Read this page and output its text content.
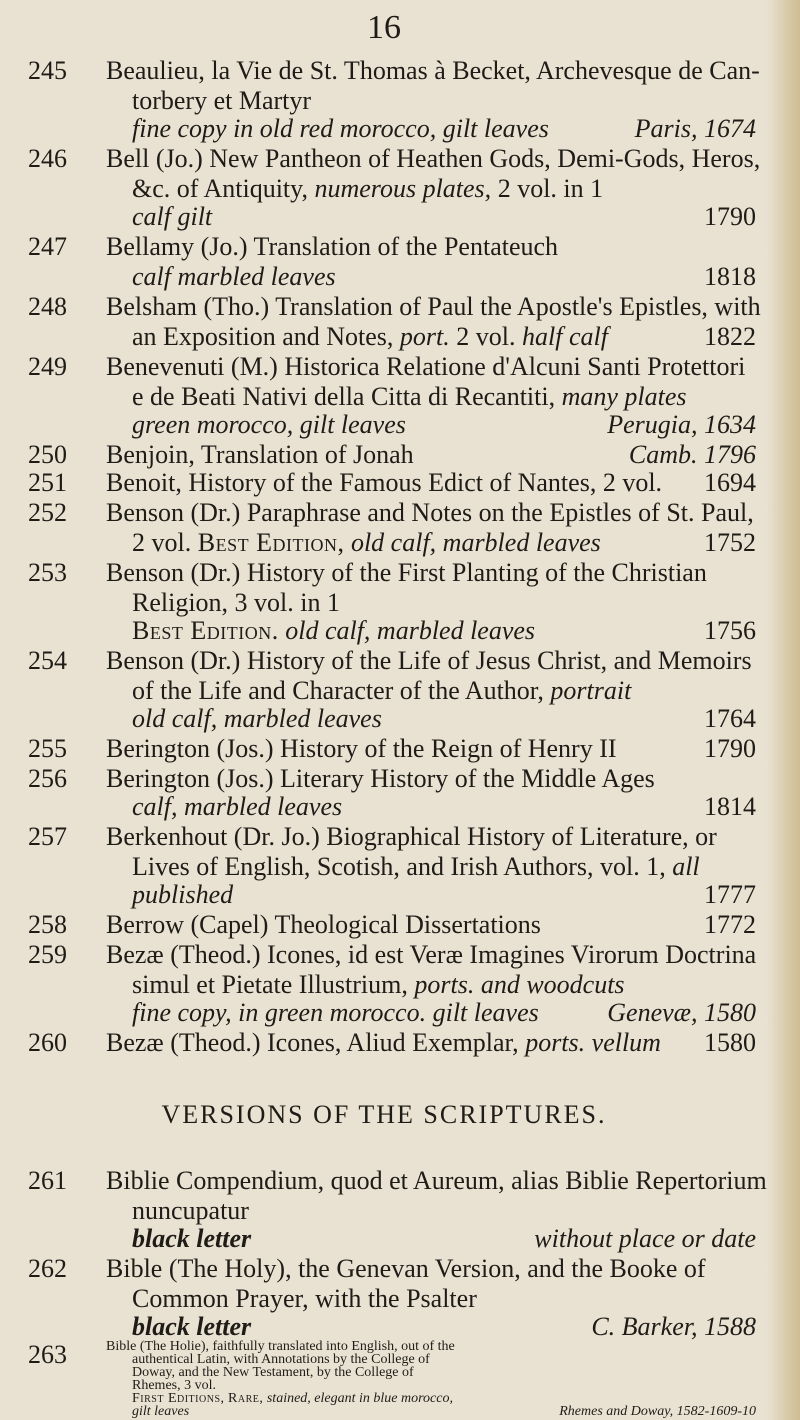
16
245 Beaulieu, la Vie de St. Thomas à Becket, Archevesque de Can-
torbery et Martyr
fine copy in old red morocco, gilt leaves	Paris, 1674
246 Bell (Jo.) New Pantheon of Heathen Gods, Demi-Gods, Heros,
&c. of Antiquity, numerous plates, 2 vol. in 1
calf gilt	1790
247 Bellamy (Jo.) Translation of the Pentateuch
calf marbled leaves	1818
248 Belsham (Tho.) Translation of Paul the Apostle's Epistles, with
an Exposition and Notes, port. 2 vol. half calf	1822
249 Benevenuti (M.) Historica Relatione d'Alcuni Santi Protettori
e de Beati Nativi della Citta di Recantiti, many plates
green morocco, gilt leaves	Perugia, 1634
250 Benjoin, Translation of Jonah	Camb. 1796
251 Benoit, History of the Famous Edict of Nantes, 2 vol. 1694
252 Benson (Dr.) Paraphrase and Notes on the Epistles of St. Paul,
2 vol. Best Edition, old calf, marbled leaves	1752
253 Benson (Dr.) History of the First Planting of the Christian
Religion, 3 vol. in 1
Best Edition. old calf, marbled leaves	1756
254 Benson (Dr.) History of the Life of Jesus Christ, and Memoirs
of the Life and Character of the Author, portrait
old calf, marbled leaves	1764
255 Berington (Jos.) History of the Reign of Henry II	1790
256 Berington (Jos.) Literary History of the Middle Ages
calf, marbled leaves	1814
257 Berkenhout (Dr. Jo.) Biographical History of Literature, or
Lives of English, Scotish, and Irish Authors, vol. 1, all
published	1777
258 Berrow (Capel) Theological Dissertations	1772
259 Bezæ (Theod.) Icones, id est Veræ Imagines Virorum Doctrina
simul et Pietate Illustrium, ports. and woodcuts
fine copy, in green morocco. gilt leaves	Genevæ, 1580
260 Bezæ (Theod.) Icones, Aliud Exemplar, ports. vellum 1580
VERSIONS OF THE SCRIPTURES.
261 Biblie Compendium, quod et Aureum, alias Biblie Repertorium
nuncupatur
black letter	without place or date
262 Bible (The Holy), the Genevan Version, and the Booke of
Common Prayer, with the Psalter
black letter	C. Barker, 1588
263	Bible (The Holie), faithfully translated into English, out of the
authentical Latin, with Annotations by the College of
Doway, and the New Testament, by the College of
Rhemes, 3 vol.
First Editions, Rare, stained, elegant in blue morocco,
gilt leaves	Rhemes and Doway, 1582-1609-10
